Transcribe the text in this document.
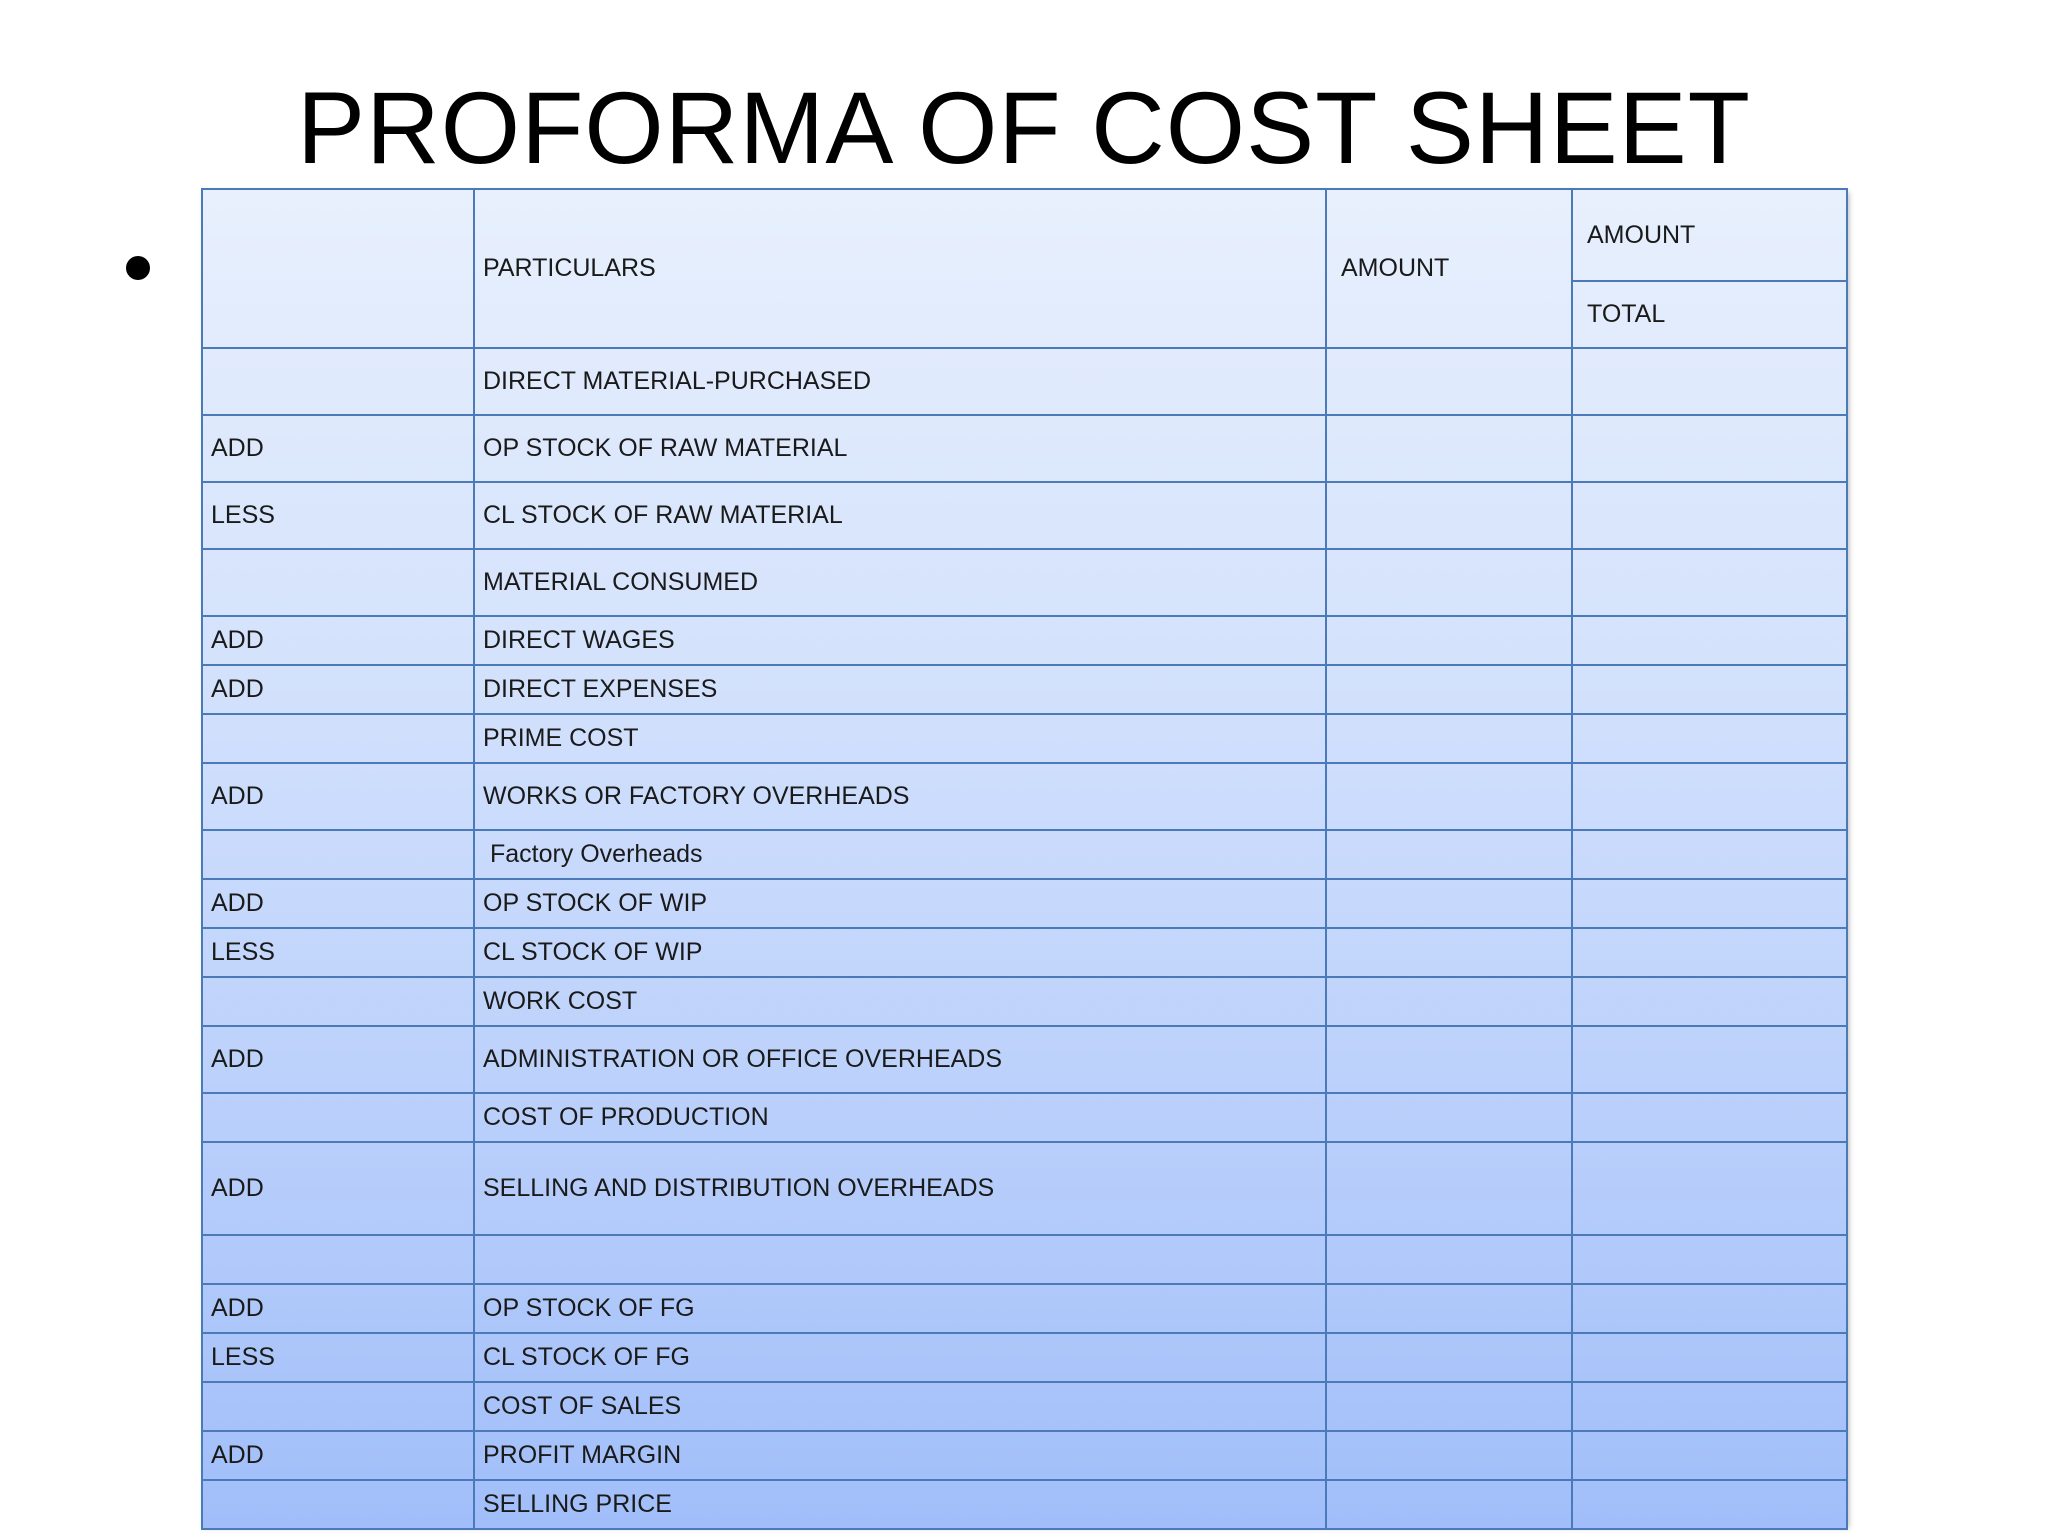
PROFORMA OF COST SHEET
	PARTICULARS	AMOUNT	AMOUNT
			TOTAL
	DIRECT MATERIAL-PURCHASED		
ADD	OP STOCK OF RAW MATERIAL		
LESS	CL STOCK OF RAW MATERIAL		
	MATERIAL CONSUMED		
ADD	DIRECT WAGES		
ADD	DIRECT EXPENSES		
	PRIME COST		
ADD	WORKS OR FACTORY OVERHEADS		
	Factory Overheads		
ADD	OP STOCK OF WIP		
LESS	CL STOCK OF WIP		
	WORK COST		
ADD	ADMINISTRATION OR OFFICE OVERHEADS		
	COST OF PRODUCTION		
ADD	SELLING AND DISTRIBUTION OVERHEADS		

ADD	OP STOCK OF FG		
LESS	CL STOCK OF FG		
	COST OF SALES		
ADD	PROFIT MARGIN		
	SELLING PRICE		
